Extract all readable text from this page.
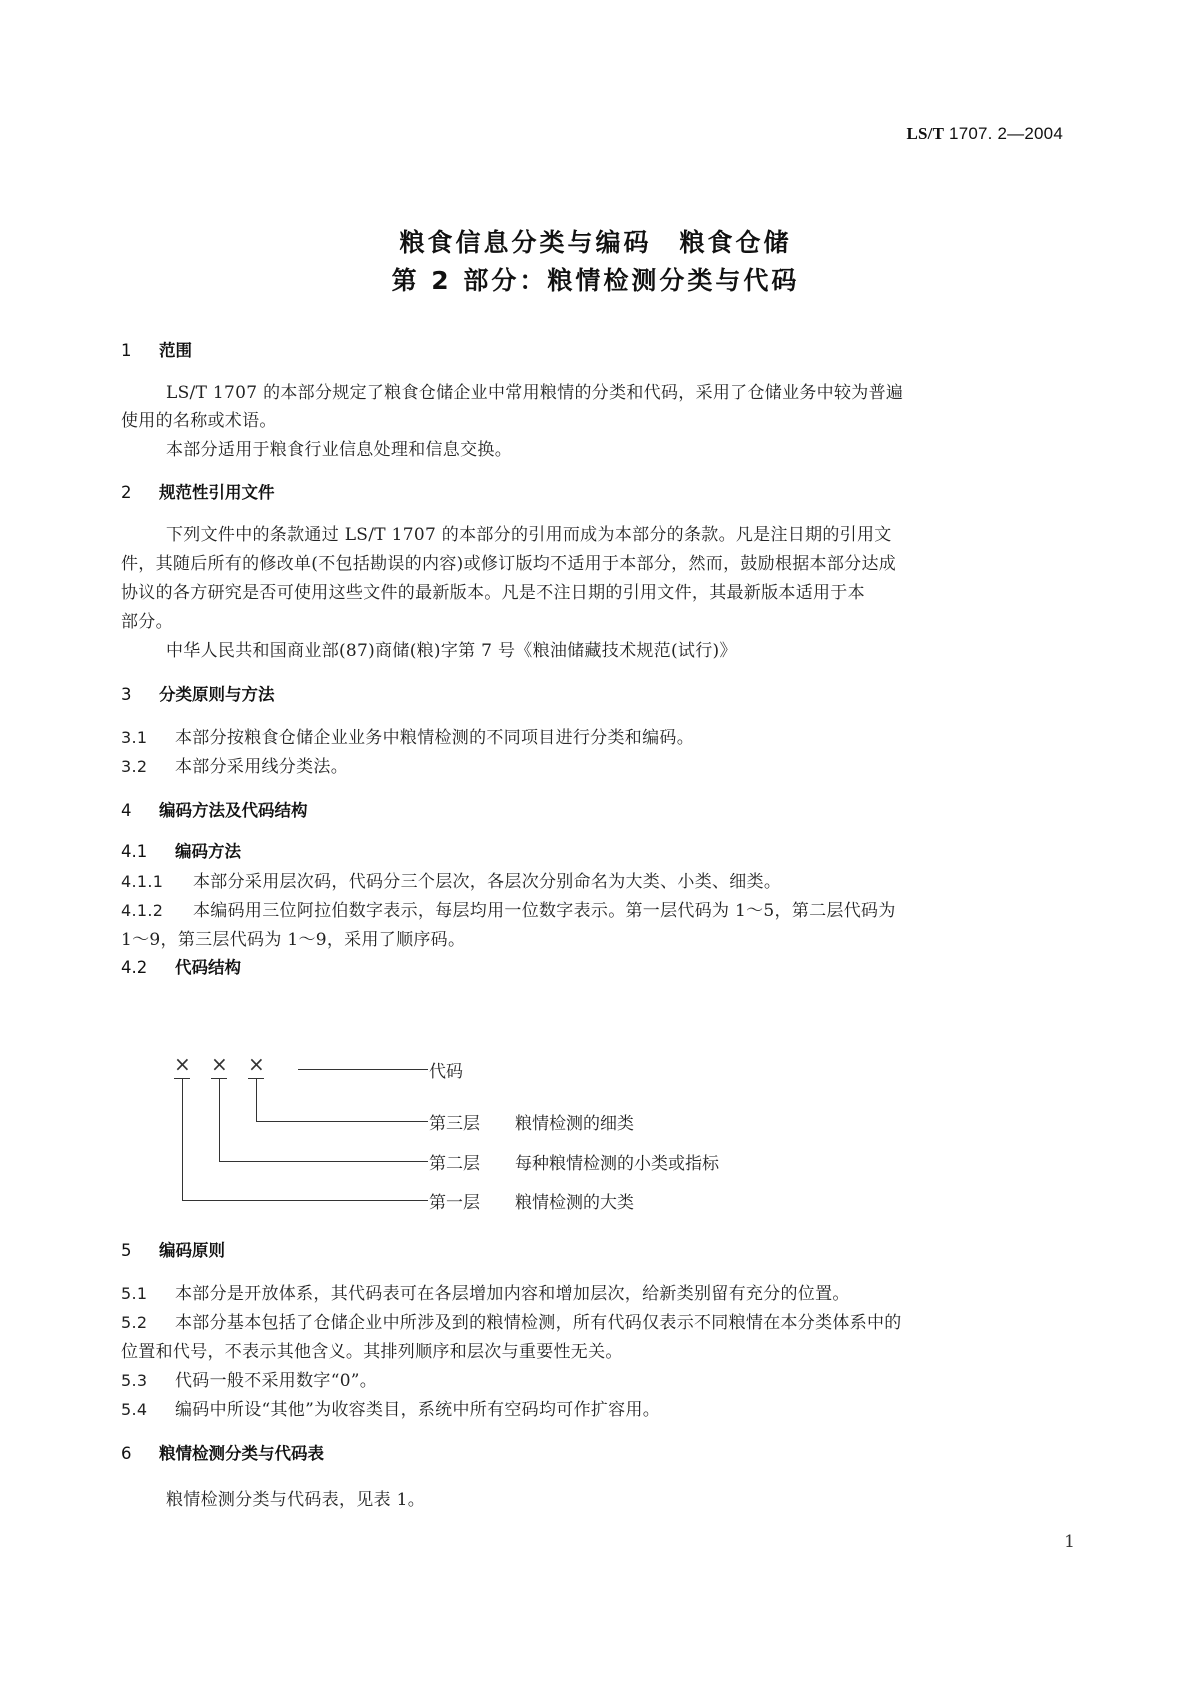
LS/T 1707. 2—2004
粮食信息分类与编码　粮食仓储
第 2 部分：粮情检测分类与代码
1 范围
LS/T 1707 的本部分规定了粮食仓储企业中常用粮情的分类和代码，采用了仓储业务中较为普遍
使用的名称或术语。
本部分适用于粮食行业信息处理和信息交换。
2 规范性引用文件
下列文件中的条款通过 LS/T 1707 的本部分的引用而成为本部分的条款。凡是注日期的引用文
件，其随后所有的修改单(不包括勘误的内容)或修订版均不适用于本部分，然而，鼓励根据本部分达成
协议的各方研究是否可使用这些文件的最新版本。凡是不注日期的引用文件，其最新版本适用于本
部分。
中华人民共和国商业部(87)商储(粮)字第 7 号《粮油储藏技术规范(试行)》
3 分类原则与方法
3.1 本部分按粮食仓储企业业务中粮情检测的不同项目进行分类和编码。
3.2 本部分采用线分类法。
4 编码方法及代码结构
4.1 编码方法
4.1.1 本部分采用层次码，代码分三个层次，各层次分别命名为大类、小类、细类。
4.1.2 本编码用三位阿拉伯数字表示，每层均用一位数字表示。第一层代码为 1～5，第二层代码为
1～9，第三层代码为 1～9，采用了顺序码。
4.2 代码结构
5 编码原则
5.1 本部分是开放体系，其代码表可在各层增加内容和增加层次，给新类别留有充分的位置。
5.2 本部分基本包括了仓储企业中所涉及到的粮情检测，所有代码仅表示不同粮情在本分类体系中的
位置和代号，不表示其他含义。其排列顺序和层次与重要性无关。
5.3 代码一般不采用数字“0”。
5.4 编码中所设“其他”为收容类目，系统中所有空码均可作扩容用。
6 粮情检测分类与代码表
粮情检测分类与代码表，见表 1。
× × ×	代码
第三层 粮情检测的细类
第二层 每种粮情检测的小类或指标
第一层 粮情检测的大类
1
